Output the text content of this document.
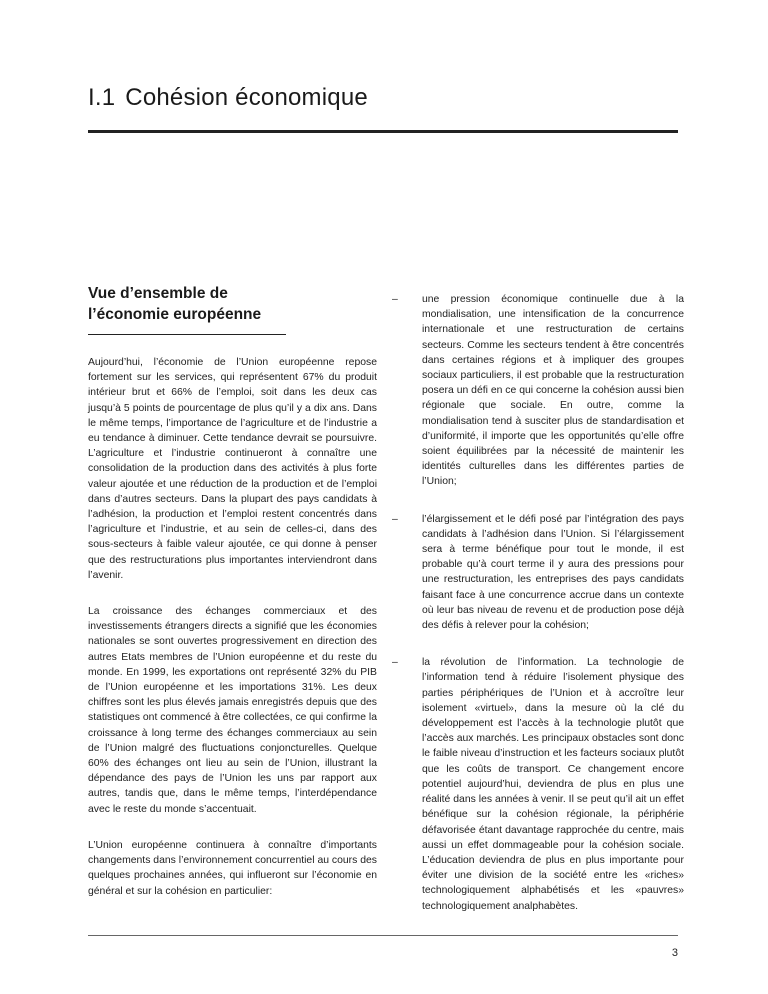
I.1 Cohésion économique
Vue d’ensemble de
l’économie européenne

Aujourd’hui, l’économie de l’Union européenne repose fortement sur les services, qui représentent 67% du produit intérieur brut et 66% de l’emploi, soit dans les deux cas jusqu’à 5 points de pourcentage de plus qu’il y a dix ans. Dans le même temps, l’importance de l’agriculture et de l’industrie a eu tendance à diminuer. Cette tendance devrait se poursuivre. L’agriculture et l’industrie continueront à connaître une consolidation de la production dans des activités à plus forte valeur ajoutée et une réduction de la production et de l’emploi dans d’autres secteurs. Dans la plupart des pays candidats à l’adhésion, la production et l’emploi restent concentrés dans l’agriculture et l’industrie, et au sein de celles-ci, dans des sous-secteurs à faible valeur ajoutée, ce qui donne à penser que des restructurations plus importantes interviendront dans l’avenir.

La croissance des échanges commerciaux et des investissements étrangers directs a signifié que les économies nationales se sont ouvertes progressivement en direction des autres Etats membres de l’Union européenne et du reste du monde. En 1999, les exportations ont représenté 32% du PIB de l’Union européenne et les importations 31%. Les deux chiffres sont les plus élevés jamais enregistrés depuis que des statistiques ont commencé à être collectées, ce qui confirme la croissance à long terme des échanges commerciaux au sein de l’Union malgré des fluctuations conjoncturelles. Quelque 60% des échanges ont lieu au sein de l’Union, illustrant la dépendance des pays de l’Union les uns par rapport aux autres, tandis que, dans le même temps, l’interdépendance avec le reste du monde s’accentuait.

L’Union européenne continuera à connaître d’importants changements dans l’environnement concurrentiel au cours des quelques prochaines années, qui influeront sur l’économie en général et sur la cohésion en particulier:

– une pression économique continuelle due à la mondialisation, une intensification de la concurrence internationale et une restructuration de certains secteurs. Comme les secteurs tendent à être concentrés dans certaines régions et à impliquer des groupes sociaux particuliers, il est probable que la restructuration posera un défi en ce qui concerne la cohésion aussi bien régionale que sociale. En outre, comme la mondialisation tend à susciter plus de standardisation et d’uniformité, il importe que les opportunités qu’elle offre soient équilibrées par la nécessité de maintenir les identités culturelles dans les différentes parties de l’Union;

– l’élargissement et le défi posé par l’intégration des pays candidats à l’adhésion dans l’Union. Si l’élargissement sera à terme bénéfique pour tout le monde, il est probable qu’à court terme il y aura des pressions pour une restructuration, les entreprises des pays candidats faisant face à une concurrence accrue dans un contexte où leur bas niveau de revenu et de production pose déjà des défis à relever pour la cohésion;

– la révolution de l’information. La technologie de l’information tend à réduire l’isolement physique des parties périphériques de l’Union et à accroître leur isolement «virtuel», dans la mesure où la clé du développement est l’accès à la technologie plutôt que l’accès aux marchés. Les principaux obstacles sont donc le faible niveau d’instruction et les facteurs sociaux plutôt que les coûts de transport. Ce changement encore potentiel aujourd’hui, deviendra de plus en plus une réalité dans les années à venir. Il se peut qu’il ait un effet bénéfique sur la cohésion régionale, la périphérie défavorisée étant davantage rapprochée du centre, mais aussi un effet dommageable pour la cohésion sociale. L’éducation deviendra de plus en plus importante pour éviter une division de la société entre les «riches» technologiquement alphabétisés et les «pauvres» technologiquement analphabètes.

3
